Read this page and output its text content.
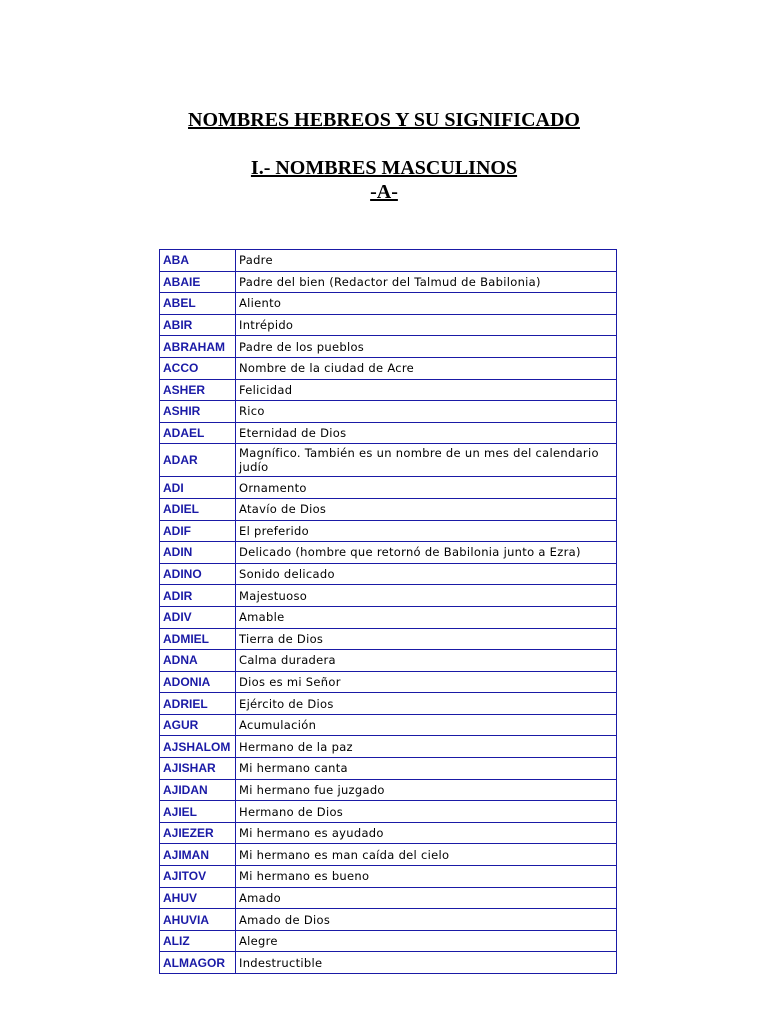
NOMBRES HEBREOS Y SU SIGNIFICADO
I.- NOMBRES MASCULINOS
-A-
ABA	Padre
ABAIE	Padre del bien (Redactor del Talmud de Babilonia)
ABEL	Aliento
ABIR	Intrépido
ABRAHAM	Padre de los pueblos
ACCO	Nombre de la ciudad de Acre
ASHER	Felicidad
ASHIR	Rico
ADAEL	Eternidad de Dios
ADAR	Magnífico. También es un nombre de un mes del calendario judío
ADI	Ornamento
ADIEL	Atavío de Dios
ADIF	El preferido
ADIN	Delicado (hombre que retornó de Babilonia junto a Ezra)
ADINO	Sonido delicado
ADIR	Majestuoso
ADIV	Amable
ADMIEL	Tierra de Dios
ADNA	Calma duradera
ADONIA	Dios es mi Señor
ADRIEL	Ejército de Dios
AGUR	Acumulación
AJSHALOM	Hermano de la paz
AJISHAR	Mi hermano canta
AJIDAN	Mi hermano fue juzgado
AJIEL	Hermano de Dios
AJIEZER	Mi hermano es ayudado
AJIMAN	Mi hermano es man caída del cielo
AJITOV	Mi hermano es bueno
AHUV	Amado
AHUVIA	Amado de Dios
ALIZ	Alegre
ALMAGOR	Indestructible
